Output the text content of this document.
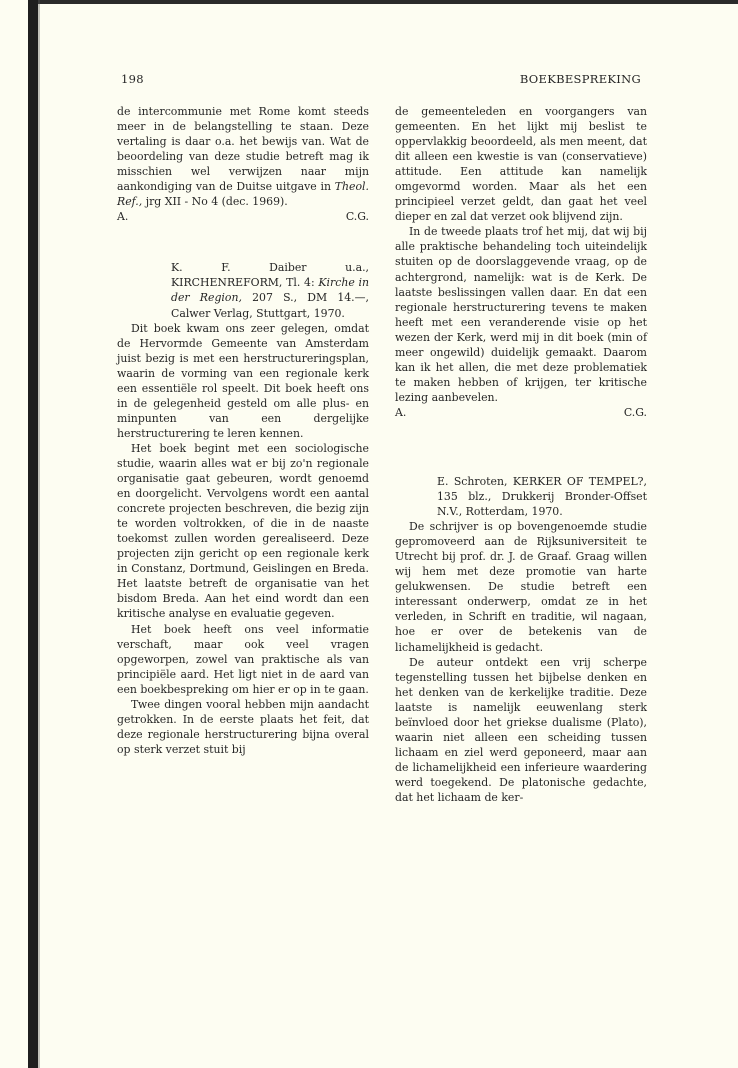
198	BOEKBESPREKING

de intercommunie met Rome komt steeds meer in de belangstelling te staan. Deze vertaling is daar o.a. het bewijs van. Wat de beoordeling van deze studie betreft mag ik misschien wel verwijzen naar mijn aankondiging van de Duitse uitgave in Theol. Ref., jrg XII - No 4 (dec. 1969).

A.	C.G.

K. F. Daiber u.a., KIRCHENREFORM, Tl. 4: Kirche in der Region, 207 S., DM 14.—, Calwer Verlag, Stuttgart, 1970.

Dit boek kwam ons zeer gelegen, omdat de Hervormde Gemeente van Amsterdam juist bezig is met een herstructureringsplan, waarin de vorming van een regionale kerk een essentiële rol speelt. Dit boek heeft ons in de gelegenheid gesteld om alle plus- en minpunten van een dergelijke herstructurering te leren kennen.

Het boek begint met een sociologische studie, waarin alles wat er bij zo'n regionale organisatie gaat gebeuren, wordt genoemd en doorgelicht. Vervolgens wordt een aantal concrete projecten beschreven, die bezig zijn te worden voltrokken, of die in de naaste toekomst zullen worden gerealiseerd. Deze projecten zijn gericht op een regionale kerk in Constanz, Dortmund, Geislingen en Breda. Het laatste betreft de organisatie van het bisdom Breda. Aan het eind wordt dan een kritische analyse en evaluatie gegeven.

Het boek heeft ons veel informatie verschaft, maar ook veel vragen opgeworpen, zowel van praktische als van principiële aard. Het ligt niet in de aard van een boekbespreking om hier er op in te gaan.

Twee dingen vooral hebben mijn aandacht getrokken. In de eerste plaats het feit, dat deze regionale herstructurering bijna overal op sterk verzet stuit bij

de gemeenteleden en voorgangers van gemeenten. En het lijkt mij beslist te oppervlakkig beoordeeld, als men meent, dat dit alleen een kwestie is van (conservatieve) attitude. Een attitude kan namelijk omgevormd worden. Maar als het een principieel verzet geldt, dan gaat het veel dieper en zal dat verzet ook blijvend zijn.

In de tweede plaats trof het mij, dat wij bij alle praktische behandeling toch uiteindelijk stuiten op de doorslaggevende vraag, op de achtergrond, namelijk: wat is de Kerk. De laatste beslissingen vallen daar. En dat een regionale herstructurering tevens te maken heeft met een veranderende visie op het wezen der Kerk, werd mij in dit boek (min of meer ongewild) duidelijk gemaakt. Daarom kan ik het allen, die met deze problematiek te maken hebben of krijgen, ter kritische lezing aanbevelen.

A.	C.G.

E. Schroten, KERKER OF TEMPEL?, 135 blz., Drukkerij Bronder-Offset N.V., Rotterdam, 1970.

De schrijver is op bovengenoemde studie gepromoveerd aan de Rijksuniversiteit te Utrecht bij prof. dr. J. de Graaf. Graag willen wij hem met deze promotie van harte gelukwensen. De studie betreft een interessant onderwerp, omdat ze in het verleden, in Schrift en traditie, wil nagaan, hoe er over de betekenis van de lichamelijkheid is gedacht.

De auteur ontdekt een vrij scherpe tegenstelling tussen het bijbelse denken en het denken van de kerkelijke traditie. Deze laatste is namelijk eeuwenlang sterk beïnvloed door het griekse dualisme (Plato), waarin niet alleen een scheiding tussen lichaam en ziel werd geponeerd, maar aan de lichamelijkheid een inferieure waardering werd toegekend. De platonische gedachte, dat het lichaam de ker-
